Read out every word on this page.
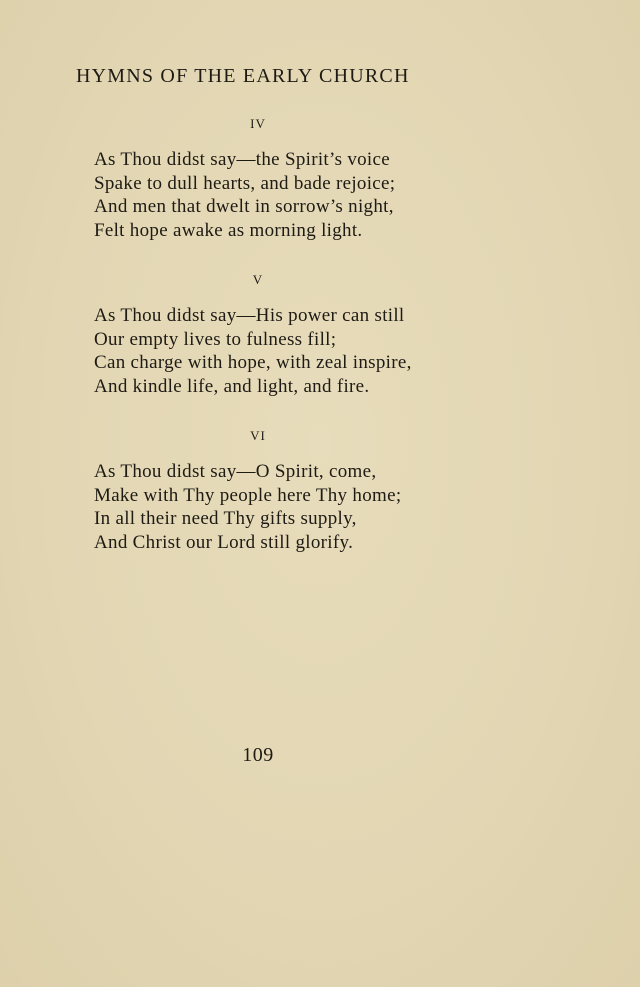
HYMNS OF THE EARLY CHURCH
IV
As Thou didst say—the Spirit’s voice
Spake to dull hearts, and bade rejoice;
And men that dwelt in sorrow’s night,
Felt hope awake as morning light.
V
As Thou didst say—His power can still
Our empty lives to fulness fill;
Can charge with hope, with zeal inspire,
And kindle life, and light, and fire.
VI
As Thou didst say—O Spirit, come,
Make with Thy people here Thy home;
In all their need Thy gifts supply,
And Christ our Lord still glorify.
109
